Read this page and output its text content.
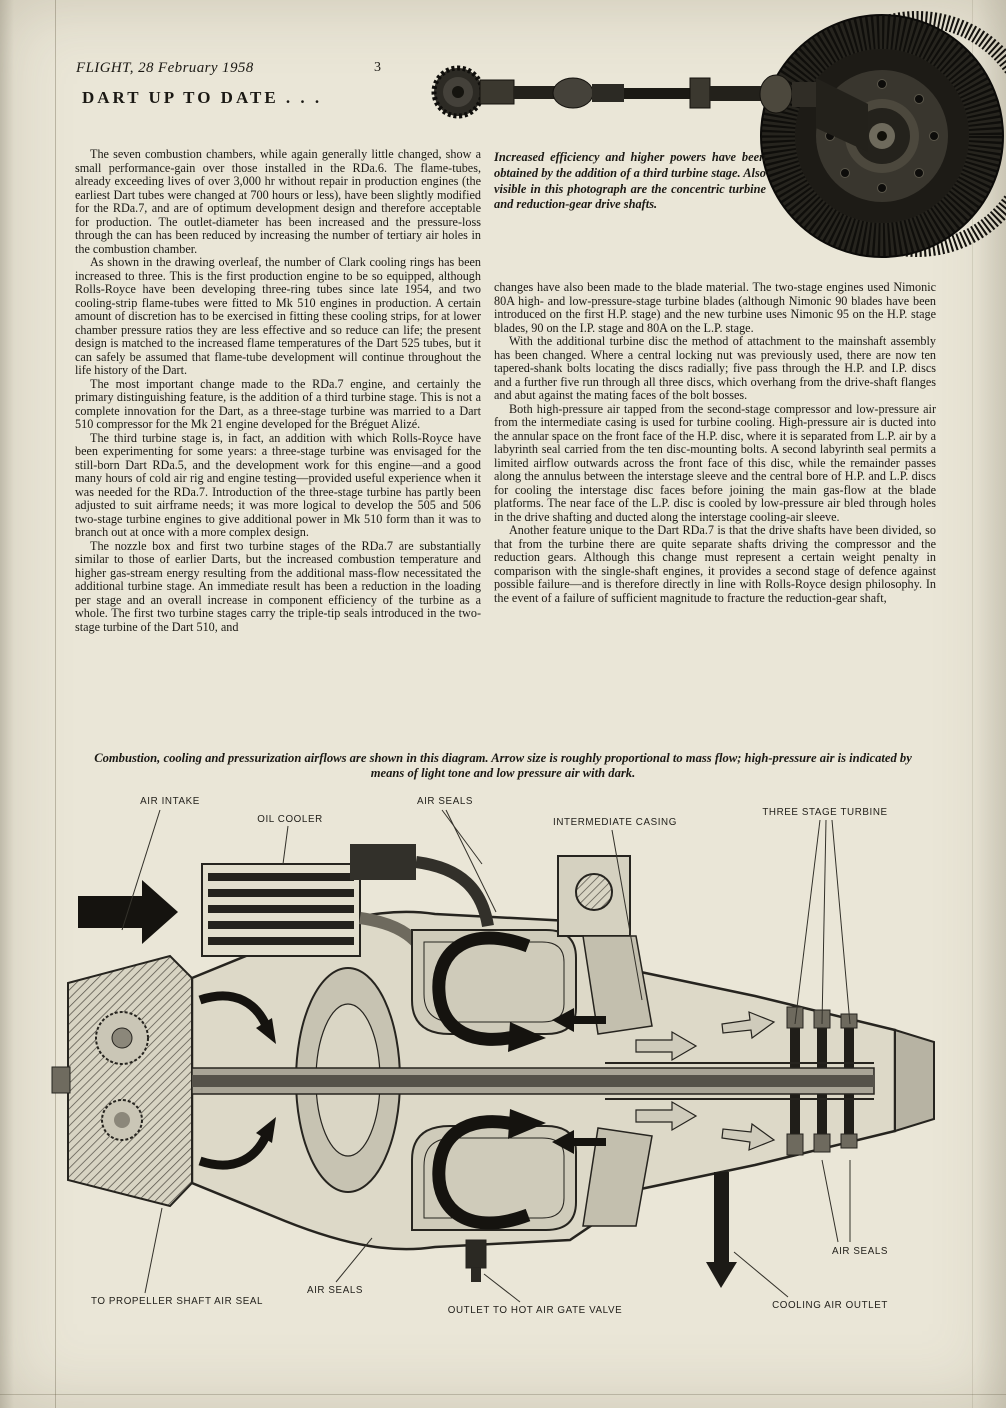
FLIGHT, 28 February 1958	3
DART UP TO DATE . . .
Increased efficiency and higher powers have been obtained by the addition of a third turbine stage. Also visible in this photograph are the concentric turbine and reduction-gear drive shafts.

The seven combustion chambers, while again generally little changed, show a small performance-gain over those installed in the RDa.6. The flame-tubes, already exceeding lives of over 3,000 hr without repair in production engines (the earliest Dart tubes were changed at 700 hours or less), have been slightly modified for the RDa.7, and are of optimum development design and therefore acceptable for production. The outlet-diameter has been increased and the pressure-loss through the can has been reduced by increasing the number of tertiary air holes in the combustion chamber.

As shown in the drawing overleaf, the number of Clark cooling rings has been increased to three. This is the first production engine to be so equipped, although Rolls-Royce have been developing three-ring tubes since late 1954, and two cooling-strip flame-tubes were fitted to Mk 510 engines in production. A certain amount of discretion has to be exercised in fitting these cooling strips, for at lower chamber pressure ratios they are less effective and so reduce can life; the present design is matched to the increased flame temperatures of the Dart 525 tubes, but it can safely be assumed that flame-tube development will continue throughout the life history of the Dart.

The most important change made to the RDa.7 engine, and certainly the primary distinguishing feature, is the addition of a third turbine stage. This is not a complete innovation for the Dart, as a three-stage turbine was married to a Dart 510 compressor for the Mk 21 engine developed for the Bréguet Alizé.

The third turbine stage is, in fact, an addition with which Rolls-Royce have been experimenting for some years: a three-stage turbine was envisaged for the still-born Dart RDa.5, and the development work for this engine—and a good many hours of cold air rig and engine testing—provided useful experience when it was needed for the RDa.7. Introduction of the three-stage turbine has partly been adjusted to suit airframe needs; it was more logical to develop the 505 and 506 two-stage turbine engines to give additional power in Mk 510 form than it was to branch out at once with a more complex design.

The nozzle box and first two turbine stages of the RDa.7 are substantially similar to those of earlier Darts, but the increased combustion temperature and higher gas-stream energy resulting from the additional mass-flow necessitated the additional turbine stage. An immediate result has been a reduction in the loading per stage and an overall increase in component efficiency of the turbine as a whole. The first two turbine stages carry the triple-tip seals introduced in the two-stage turbine of the Dart 510, and

changes have also been made to the blade material. The two-stage engines used Nimonic 80A high- and low-pressure-stage turbine blades (although Nimonic 90 blades have been introduced on the first H.P. stage) and the new turbine uses Nimonic 95 on the H.P. stage blades, 90 on the I.P. stage and 80A on the L.P. stage.

With the additional turbine disc the method of attachment to the mainshaft assembly has been changed. Where a central locking nut was previously used, there are now ten tapered-shank bolts locating the discs radially; five pass through the H.P. and I.P. discs and a further five run through all three discs, which overhang from the drive-shaft flanges and abut against the mating faces of the bolt bosses.

Both high-pressure air tapped from the second-stage compressor and low-pressure air from the intermediate casing is used for turbine cooling. High-pressure air is ducted into the annular space on the front face of the H.P. disc, where it is separated from L.P. air by a labyrinth seal carried from the ten disc-mounting bolts. A second labyrinth seal permits a limited airflow outwards across the front face of this disc, while the remainder passes along the annulus between the interstage sleeve and the central bore of H.P. and L.P. discs for cooling the interstage disc faces before joining the main gas-flow at the blade platforms. The near face of the L.P. disc is cooled by low-pressure air bled through holes in the drive shafting and ducted along the interstage cooling-air sleeve.

Another feature unique to the Dart RDa.7 is that the drive shafts have been divided, so that from the turbine there are quite separate shafts driving the compressor and the reduction gears. Although this change must represent a certain weight penalty in comparison with the single-shaft engines, it provides a second stage of defence against possible failure—and is therefore directly in line with Rolls-Royce design philosophy. In the event of a failure of sufficient magnitude to fracture the reduction-gear shaft,

Combustion, cooling and pressurization airflows are shown in this diagram. Arrow size is roughly proportional to mass flow; high-pressure air is indicated by means of light tone and low pressure air with dark.
AIR INTAKE
OIL COOLER
AIR SEALS
INTERMEDIATE CASING
THREE STAGE TURBINE
TO PROPELLER SHAFT AIR SEAL
AIR SEALS
OUTLET TO HOT AIR GATE VALVE	COOLING AIR OUTLET
AIR SEALS
